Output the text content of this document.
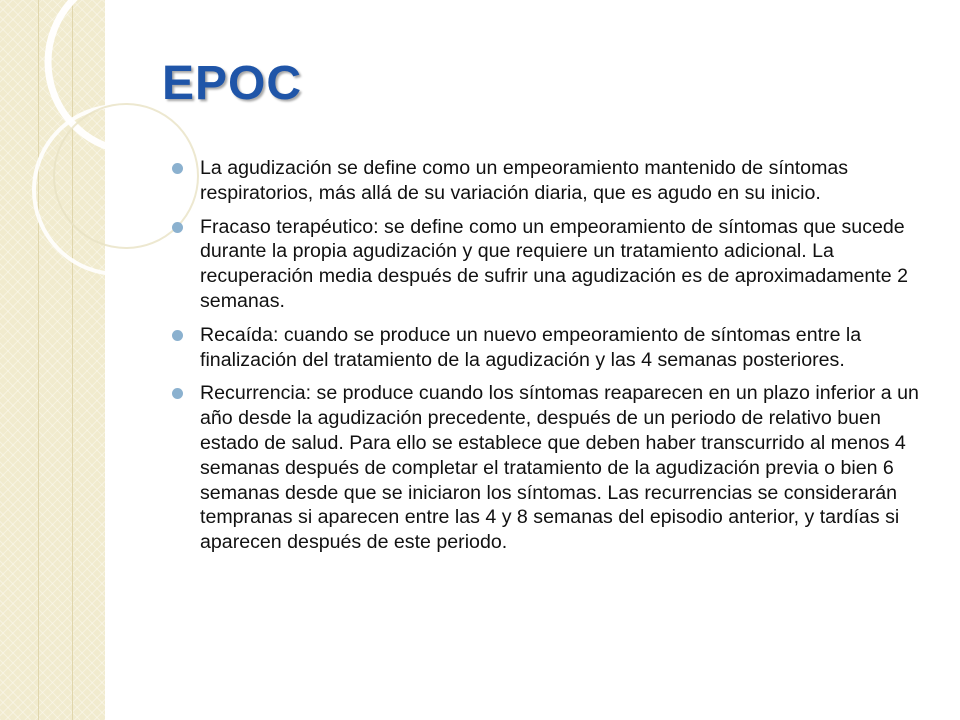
EPOC
La agudización se define como un empeoramiento mantenido de síntomas respiratorios, más allá de su variación diaria, que es agudo en su inicio.
Fracaso terapéutico: se define como un empeoramiento de síntomas que sucede durante la propia agudización y que requiere un tratamiento adicional. La recuperación media después de sufrir una agudización es de aproximadamente 2 semanas.
Recaída: cuando se produce un nuevo empeoramiento de síntomas entre la finalización del tratamiento de la agudización y las 4 semanas posteriores.
Recurrencia: se produce cuando los síntomas reaparecen en un plazo inferior a un año desde la agudización precedente, después de un periodo de relativo buen estado de salud. Para ello se establece que deben haber transcurrido al menos 4 semanas después de completar el tratamiento de la agudización previa o bien 6 semanas desde que se iniciaron los síntomas. Las recurrencias se considerarán tempranas si aparecen entre las 4 y 8 semanas del episodio anterior, y tardías si aparecen después de este periodo.
